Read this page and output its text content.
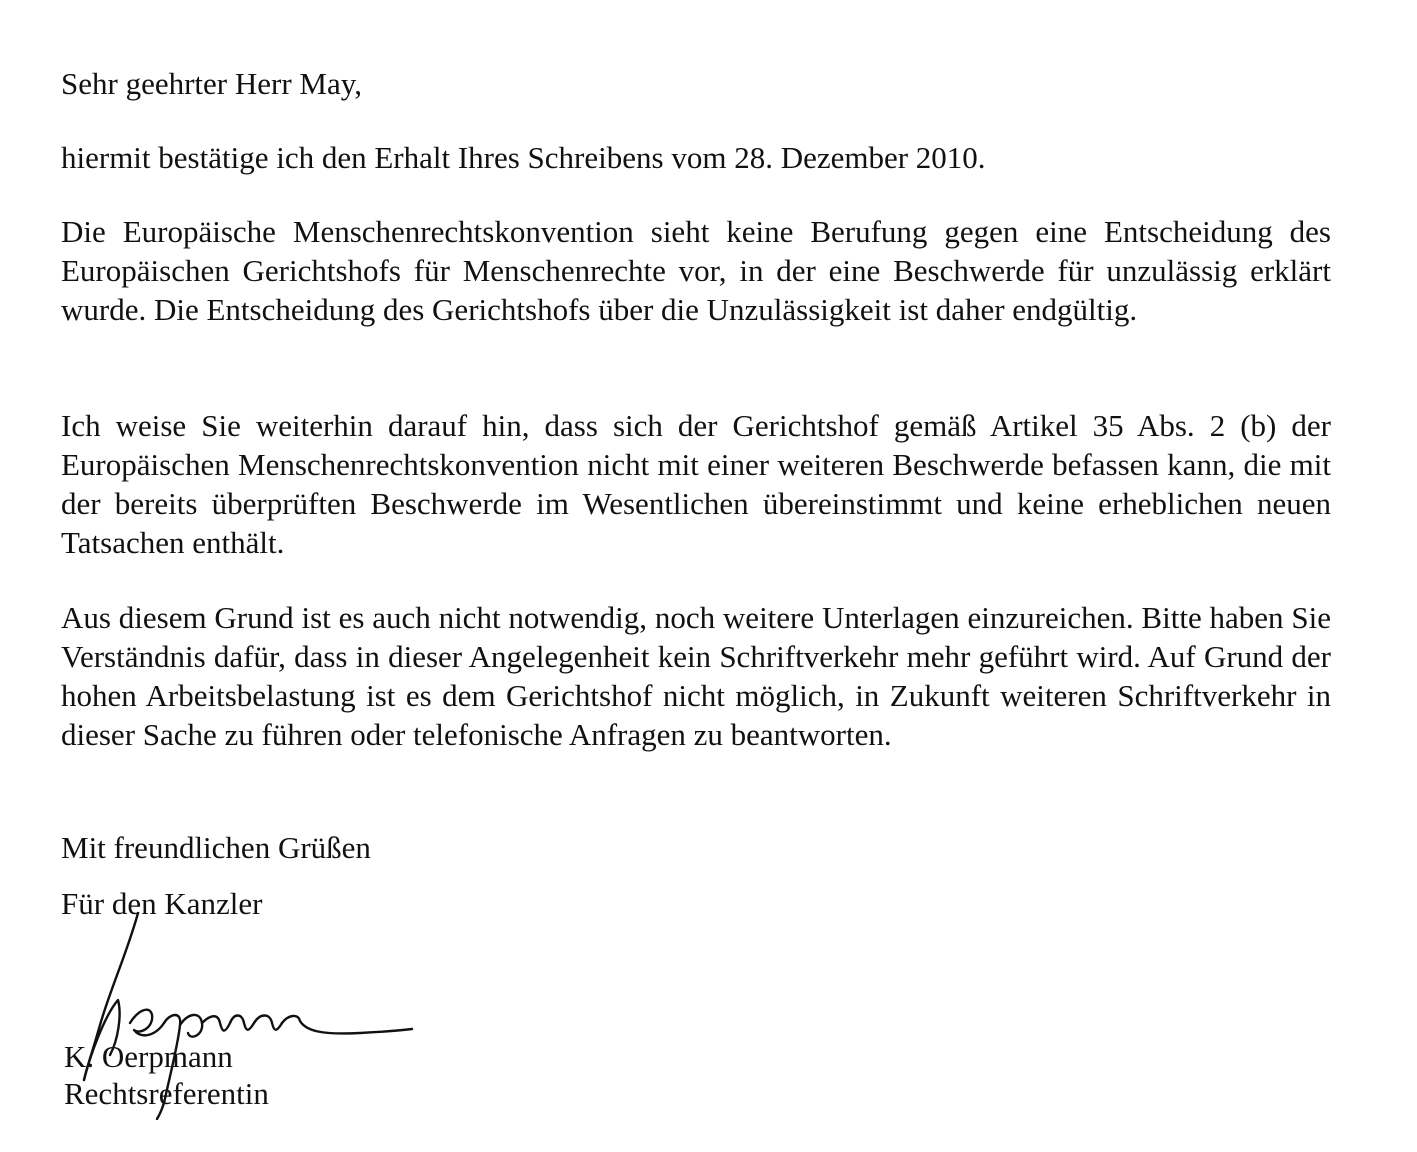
Sehr geehrter Herr May,
hiermit bestätige ich den Erhalt Ihres Schreibens vom 28. Dezember 2010.
Die Europäische Menschenrechtskonvention sieht keine Berufung gegen eine Entscheidung des Europäischen Gerichtshofs für Menschenrechte vor, in der eine Beschwerde für unzulässig erklärt wurde. Die Entscheidung des Gerichtshofs über die Unzulässigkeit ist daher endgültig.
Ich weise Sie weiterhin darauf hin, dass sich der Gerichtshof gemäß Artikel 35 Abs. 2 (b) der Europäischen Menschenrechtskonvention nicht mit einer weiteren Beschwerde befassen kann, die mit der bereits überprüften Beschwerde im Wesentlichen übereinstimmt und keine erheblichen neuen Tatsachen enthält.
Aus diesem Grund ist es auch nicht notwendig, noch weitere Unterlagen einzureichen. Bitte haben Sie Verständnis dafür, dass in dieser Angelegenheit kein Schriftverkehr mehr geführt wird. Auf Grund der hohen Arbeitsbelastung ist es dem Gerichtshof nicht möglich, in Zukunft weiteren Schriftverkehr in dieser Sache zu führen oder telefonische Anfragen zu beantworten.
Mit freundlichen Grüßen
Für den Kanzler
K. Oerpmann
Rechtsreferentin
